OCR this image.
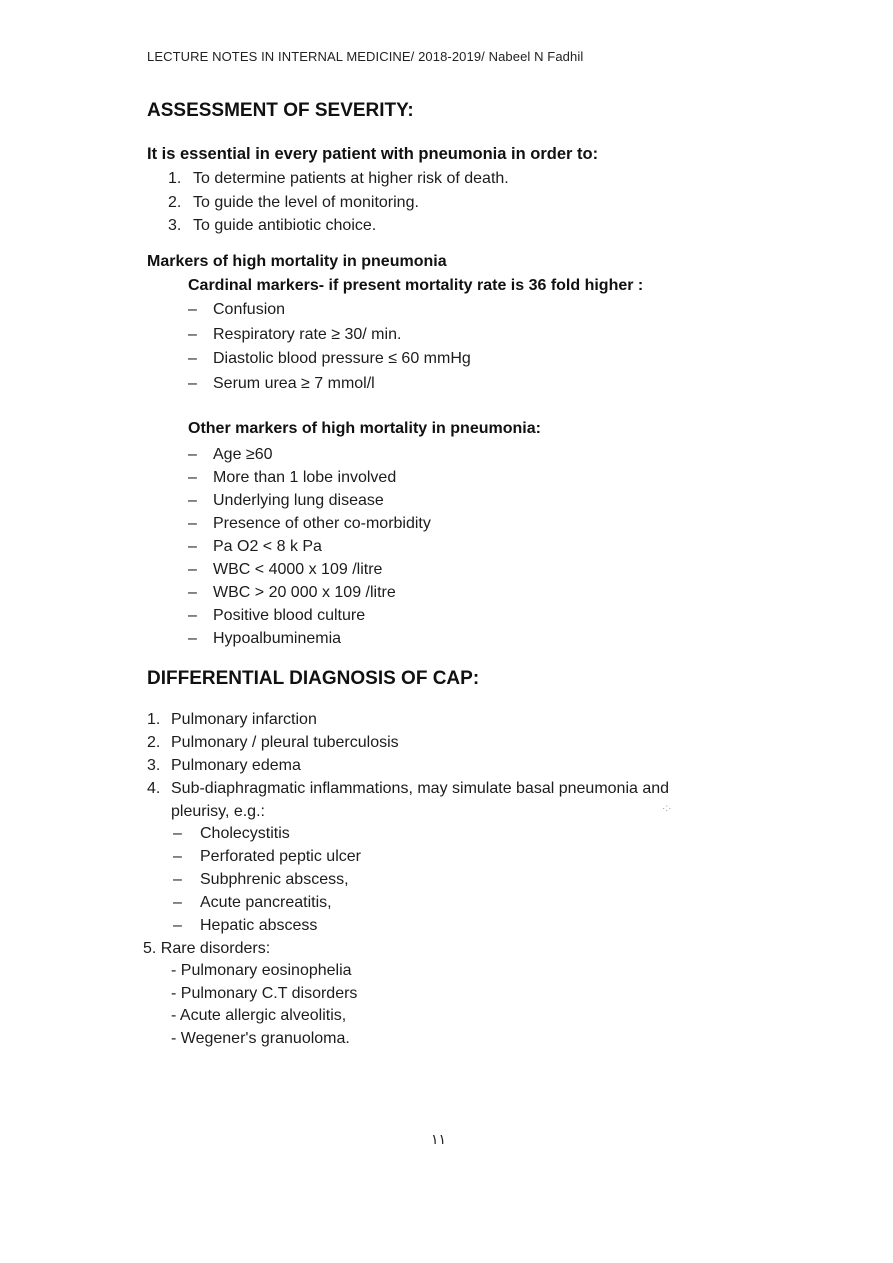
LECTURE NOTES IN INTERNAL MEDICINE/ 2018-2019/ Nabeel N Fadhil
ASSESSMENT OF SEVERITY:
It is essential in every patient with pneumonia in order to:
1. To determine patients at higher risk of death.
2. To guide the level of monitoring.
3. To guide antibiotic choice.
Markers of high mortality in pneumonia
Cardinal markers- if present mortality rate is 36 fold higher :
–	Confusion
–	Respiratory rate ≥ 30/ min.
–	Diastolic blood pressure ≤ 60 mmHg
–	Serum urea ≥ 7 mmol/l
Other markers of high mortality in pneumonia:
–	Age ≥60
–	More than 1 lobe involved
–	Underlying lung disease
–	Presence of other co-morbidity
–	Pa O2 < 8 k Pa
–	WBC < 4000 x 109 /litre
–	WBC > 20 000 x 109 /litre
–	Positive blood culture
–	Hypoalbuminemia
DIFFERENTIAL DIAGNOSIS OF CAP:
1. Pulmonary infarction
2. Pulmonary / pleural tuberculosis
3. Pulmonary edema
4. Sub-diaphragmatic inflammations, may simulate basal pneumonia and
pleurisy, e.g.:	·:·
–	Cholecystitis
–	Perforated peptic ulcer
–	Subphrenic abscess,
–	Acute pancreatitis,
–	Hepatic abscess
5. Rare disorders:
- Pulmonary eosinophelia
- Pulmonary C.T disorders
- Acute allergic alveolitis,
- Wegener's granuoloma.
١١
